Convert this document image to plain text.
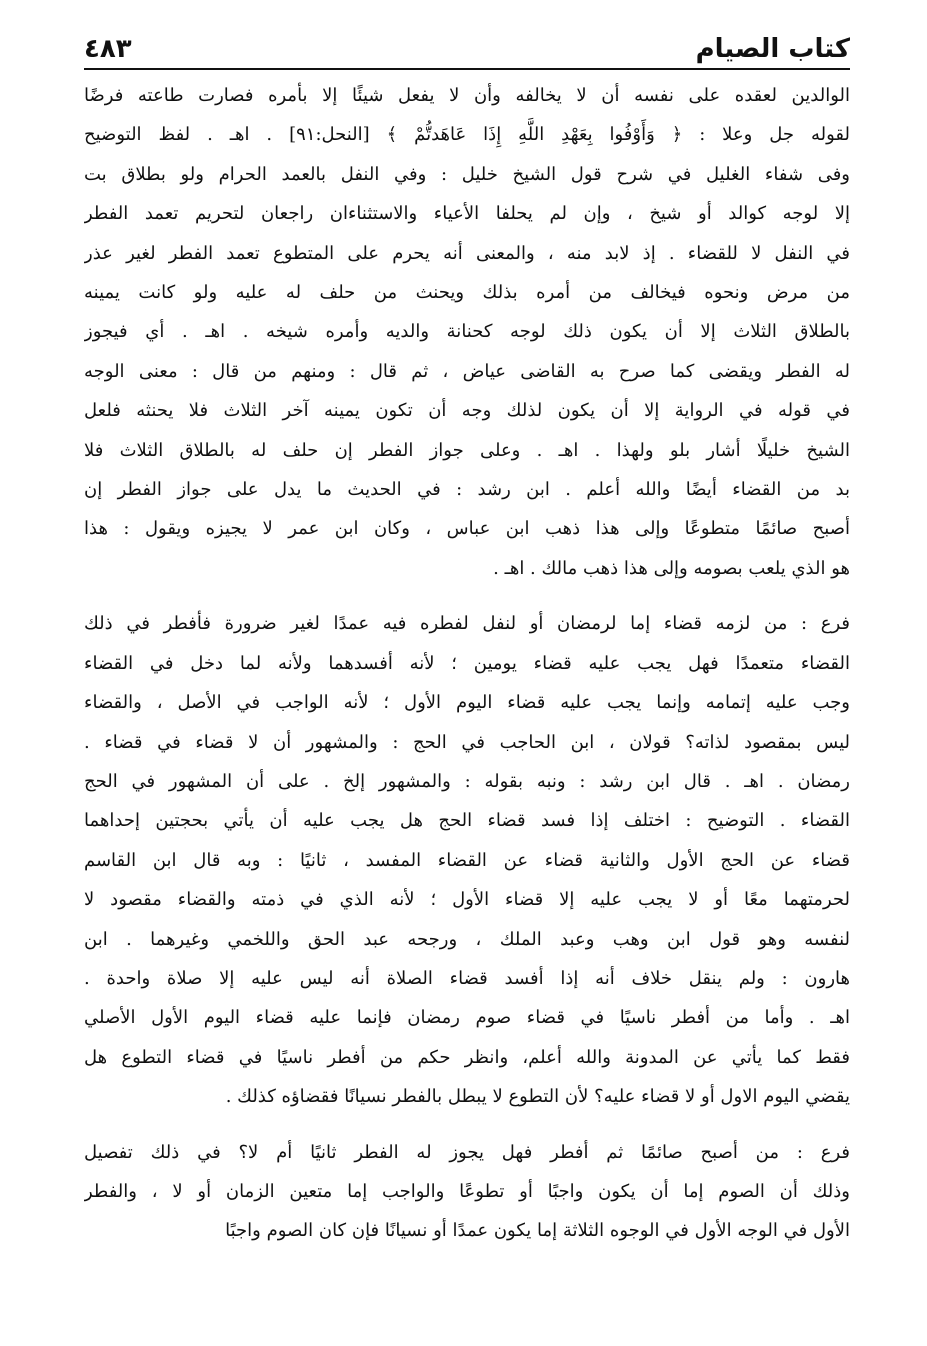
كتاب الصيام
٤٨٣

الوالدين لعقده على نفسه أن لا يخالفه وأن لا يفعل شيئًا إلا بأمره فصارت طاعته فرضًا
لقوله جل وعلا : ﴿ وَأَوْفُوا بِعَهْدِ اللَّهِ إِذَا عَاهَدتُّمْ ﴾ [النحل:٩١] . اهـ . لفظ التوضيح
وفى شفاء الغليل في شرح قول الشيخ خليل : وفي النفل بالعمد الحرام ولو بطلاق بت
إلا لوجه كوالد أو شيخ ، وإن لم يحلفا الأعياء والاستثناءان راجعان لتحريم تعمد الفطر
في النفل لا للقضاء . إذ لابد منه ، والمعنى أنه يحرم على المتطوع تعمد الفطر لغير عذر
من مرض ونحوه فيخالف من أمره بذلك ويحنث من حلف له عليه ولو كانت يمينه
بالطلاق الثلاث إلا أن يكون ذلك لوجه كحنانة والديه وأمره شيخه . اهـ . أي فيجوز
له الفطر ويقضى كما صرح به القاضى عياض ، ثم قال : ومنهم من قال : معنى الوجه
في قوله في الرواية إلا أن يكون لذلك وجه أن تكون يمينه آخر الثلاث فلا يحنثه فلعل
الشيخ خليلًا أشار بلو ولهذا . اهـ . وعلى جواز الفطر إن حلف له بالطلاق الثلاث فلا
بد من القضاء أيضًا والله أعلم . ابن رشد : في الحديث ما يدل على جواز الفطر إن
أصبح صائمًا متطوعًا وإلى هذا ذهب ابن عباس ، وكان ابن عمر لا يجيزه ويقول : هذا
هو الذي يلعب بصومه وإلى هذا ذهب مالك . اهـ .

فرع : من لزمه قضاء إما لرمضان أو لنفل لفطره فيه عمدًا لغير ضرورة فأفطر في ذلك
القضاء متعمدًا فهل يجب عليه قضاء يومين ؛ لأنه أفسدهما ولأنه لما دخل في القضاء
وجب عليه إتمامه وإنما يجب عليه قضاء اليوم الأول ؛ لأنه الواجب في الأصل ، والقضاء
ليس بمقصود لذاته؟ قولان ، ابن الحاجب في الحج : والمشهور أن لا قضاء في قضاء .
رمضان . اهـ . قال ابن رشد : ونبه بقوله : والمشهور إلخ . على أن المشهور في الحج
القضاء . التوضيح : اختلف إذا فسد قضاء الحج هل يجب عليه أن يأتي بحجتين إحداهما
قضاء عن الحج الأول والثانية قضاء عن القضاء المفسد ، ثانيًا : وبه قال ابن القاسم
لحرمتهما معًا أو لا يجب عليه إلا قضاء الأول ؛ لأنه الذي في ذمته والقضاء مقصود لا
لنفسه وهو قول ابن وهب وعبد الملك ، ورجحه عبد الحق واللخمي وغيرهما . ابن
هارون : ولم ينقل خلاف أنه إذا أفسد قضاء الصلاة أنه ليس عليه إلا صلاة واحدة .
اهـ . وأما من أفطر ناسيًا في قضاء صوم رمضان فإنما عليه قضاء اليوم الأول الأصلي
فقط كما يأتي عن المدونة والله أعلم، وانظر حكم من أفطر ناسيًا في قضاء التطوع هل
يقضي اليوم الاول أو لا قضاء عليه؟ لأن التطوع لا يبطل بالفطر نسيانًا فقضاؤه كذلك .

فرع : من أصبح صائمًا ثم أفطر فهل يجوز له الفطر ثانيًا أم لا؟ في ذلك تفصيل
وذلك أن الصوم إما أن يكون واجبًا أو تطوعًا والواجب إما متعين الزمان أو لا ، والفطر
الأول في الوجه الأول في الوجوه الثلاثة إما يكون عمدًا أو نسيانًا فإن كان الصوم واجبًا
